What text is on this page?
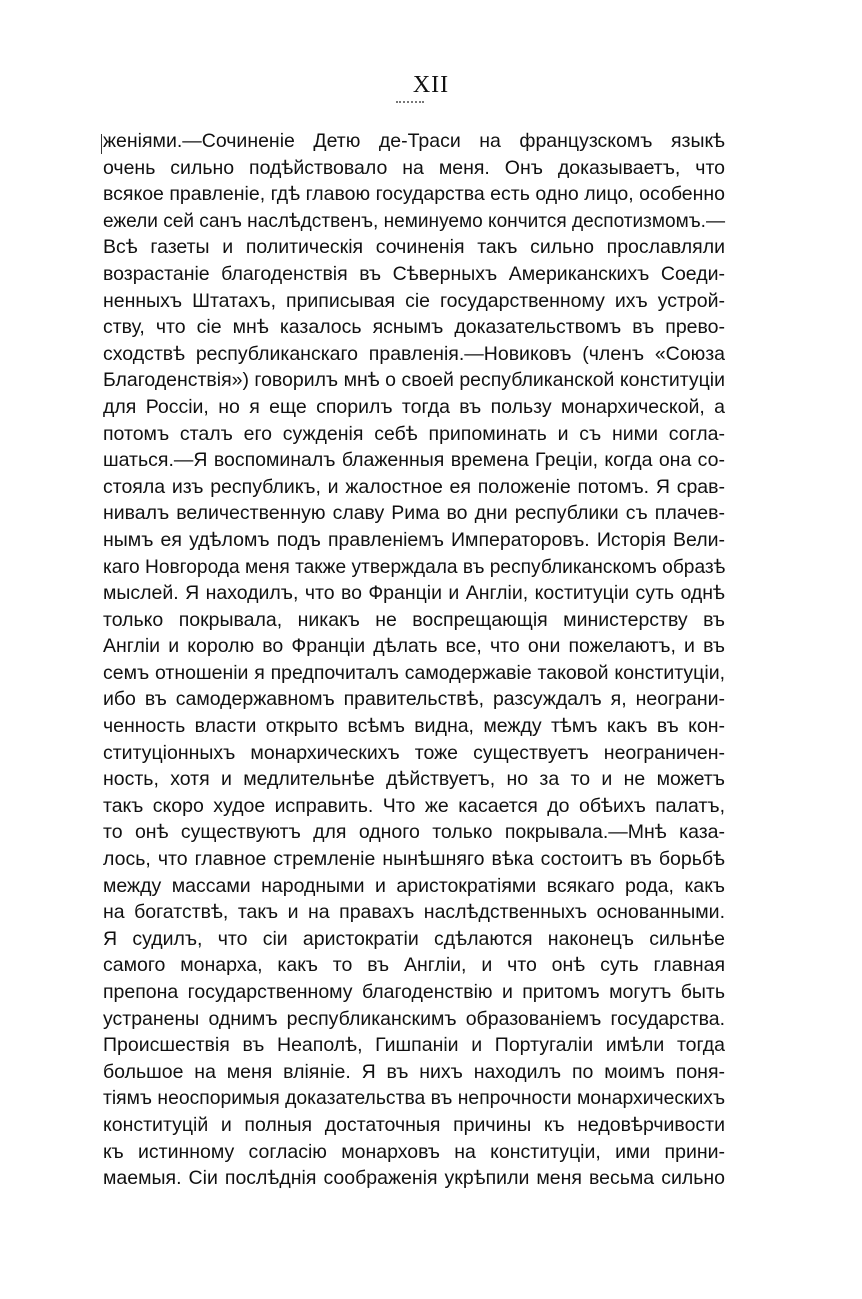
XII
женіями.—Сочиненіе Детю де-Траси на французскомъ языкѣ
очень сильно подѣйствовало на меня. Онъ доказываетъ, что
всякое правленіе, гдѣ главою государства есть одно лицо, особенно
ежели сей санъ наслѣдственъ, неминуемо кончится деспотизмомъ.—
Всѣ газеты и политическія сочиненія такъ сильно прославляли
возрастаніе благоденствія въ Сѣверныхъ Американскихъ Соеди-
ненныхъ Штатахъ, приписывая сіе государственному ихъ устрой-
ству, что сіе мнѣ казалось яснымъ доказательствомъ въ прево-
сходствѣ республиканскаго правленія.—Новиковъ (членъ «Союза
Благоденствія») говорилъ мнѣ о своей республиканской конституціи
для Россіи, но я еще спорилъ тогда въ пользу монархической, а
потомъ сталъ его сужденія себѣ припоминать и съ ними согла-
шаться.—Я воспоминалъ блаженныя времена Греціи, когда она со-
стояла изъ республикъ, и жалостное ея положеніе потомъ. Я срав-
нивалъ величественную славу Рима во дни республики съ плачев-
нымъ ея удѣломъ подъ правленіемъ Императоровъ. Исторія Вели-
каго Новгорода меня также утверждала въ республиканскомъ образѣ
мыслей. Я находилъ, что во Франціи и Англіи, коституціи суть однѣ
только покрывала, никакъ не воспрещающія министерству въ
Англіи и королю во Франціи дѣлать все, что они пожелаютъ, и въ
семъ отношеніи я предпочиталъ самодержавіе таковой конституціи,
ибо въ самодержавномъ правительствѣ, разсуждалъ я, неограни-
ченность власти открыто всѣмъ видна, между тѣмъ какъ въ кон-
ституціонныхъ монархическихъ тоже существуетъ неограничен-
ность, хотя и медлительнѣе дѣйствуетъ, но за то и не можетъ
такъ скоро худое исправить. Что же касается до обѣихъ палатъ,
то онѣ существуютъ для одного только покрывала.—Мнѣ каза-
лось, что главное стремленіе нынѣшняго вѣка состоитъ въ борьбѣ
между массами народными и аристократіями всякаго рода, какъ
на богатствѣ, такъ и на правахъ наслѣдственныхъ основанными.
Я судилъ, что сіи аристократіи сдѣлаются наконецъ сильнѣе
самого монарха, какъ то въ Англіи, и что онѣ суть главная
препона государственному благоденствію и притомъ могутъ быть
устранены однимъ республиканскимъ образованіемъ государства.
Происшествія въ Неаполѣ, Гишпаніи и Португаліи имѣли тогда
большое на меня вліяніе. Я въ нихъ находилъ по моимъ поня-
тіямъ неоспоримыя доказательства въ непрочности монархическихъ
конституцій и полныя достаточныя причины къ недовѣрчивости
къ истинному согласію монарховъ на конституціи, ими прини-
маемыя. Сіи послѣднія соображенія укрѣпили меня весьма сильно
